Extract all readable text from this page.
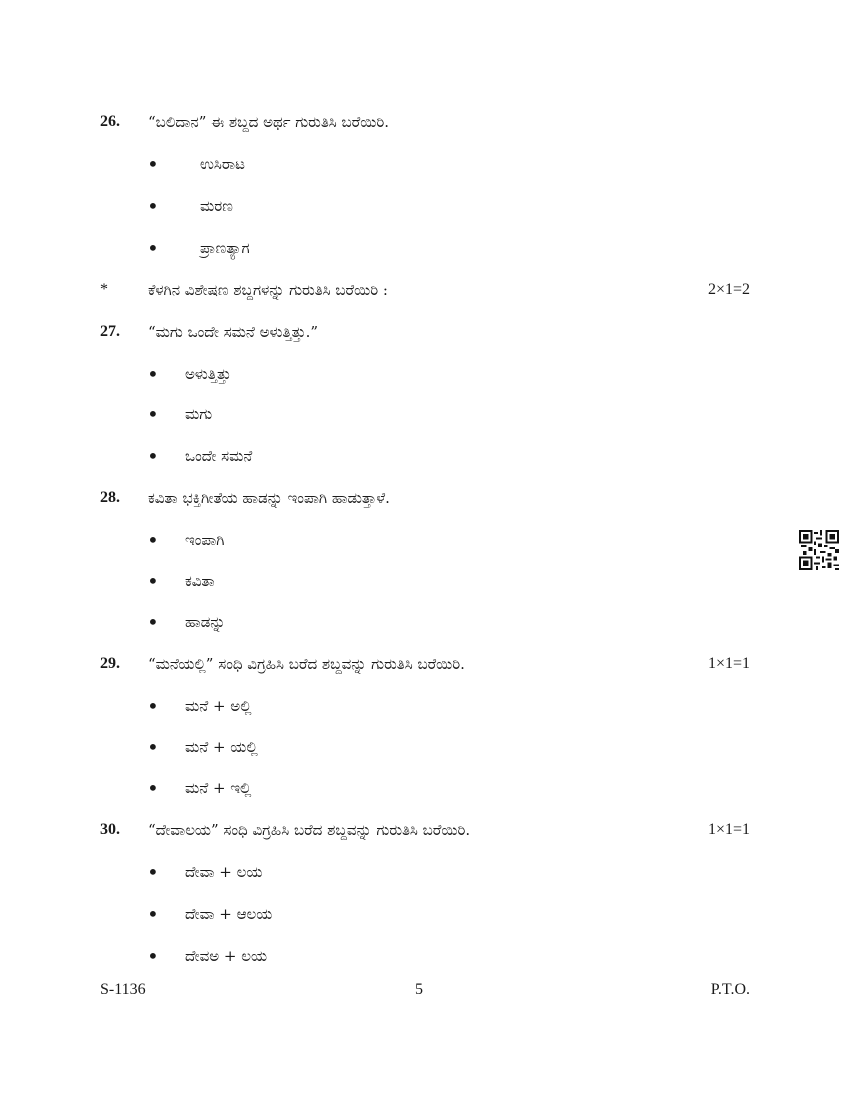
26. “ಬಲಿದಾನ” ಈ ಶಬ್ದದ ಅರ್ಥ ಗುರುತಿಸಿ ಬರೆಯಿರಿ.
•	ಉಸಿರಾಟ
•	ಮರಣ
•	ಪ್ರಾಣತ್ಯಾಗ
*	ಕೆಳಗಿನ ವಿಶೇಷಣ ಶಬ್ದಗಳನ್ನು ಗುರುತಿಸಿ ಬರೆಯಿರಿ :	2×1=2
27. “ಮಗು ಒಂದೇ ಸಮನೆ ಅಳುತ್ತಿತ್ತು.”
• ಅಳುತ್ತಿತ್ತು
• ಮಗು
• ಒಂದೇ ಸಮನೆ
28. ಕವಿತಾ ಭಕ್ತಿಗೀತೆಯ ಹಾಡನ್ನು ಇಂಪಾಗಿ ಹಾಡುತ್ತಾಳೆ.
• ಇಂಪಾಗಿ
• ಕವಿತಾ
• ಹಾಡನ್ನು
29. “ಮನೆಯಲ್ಲಿ” ಸಂಧಿ ವಿಗ್ರಹಿಸಿ ಬರೆದ ಶಬ್ದವನ್ನು ಗುರುತಿಸಿ ಬರೆಯಿರಿ.	1×1=1
• ಮನೆ + ಅಲ್ಲಿ
• ಮನೆ + ಯಲ್ಲಿ
• ಮನೆ + ಇಲ್ಲಿ
30. “ದೇವಾಲಯ” ಸಂಧಿ ವಿಗ್ರಹಿಸಿ ಬರೆದ ಶಬ್ದವನ್ನು ಗುರುತಿಸಿ ಬರೆಯಿರಿ.	1×1=1
• ದೇವಾ + ಲಯ
• ದೇವಾ + ಆಲಯ
• ದೇವಅ + ಲಯ
S-1136	5	P.T.O.
